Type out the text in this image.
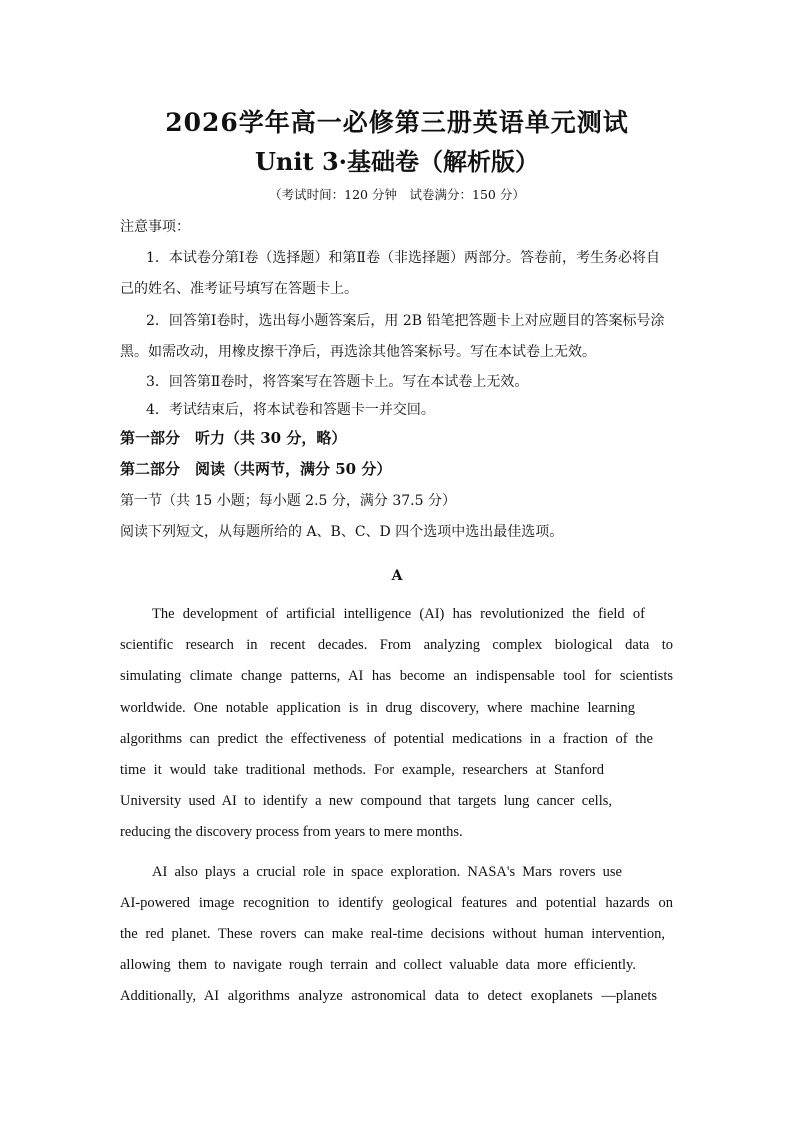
2026学年高一必修第三册英语单元测试
Unit 3·基础卷（解析版）
（考试时间：120 分钟　试卷满分：150 分）
注意事项：
1．本试卷分第Ⅰ卷（选择题）和第Ⅱ卷（非选择题）两部分。答卷前，考生务必将自
己的姓名、准考证号填写在答题卡上。
2．回答第Ⅰ卷时，选出每小题答案后，用 2B 铅笔把答题卡上对应题目的答案标号涂
黑。如需改动，用橡皮擦干净后，再选涂其他答案标号。写在本试卷上无效。
3．回答第Ⅱ卷时，将答案写在答题卡上。写在本试卷上无效。
4．考试结束后，将本试卷和答题卡一并交回。
第一部分　听力（共 30 分，略）
第二部分　阅读（共两节，满分 50 分）
第一节（共 15 小题；每小题 2.5 分，满分 37.5 分）
阅读下列短文，从每题所给的 A、B、C、D 四个选项中选出最佳选项。
A
The development of artificial intelligence (AI) has revolutionized the field of
scientific research in recent decades. From analyzing complex biological data to
simulating climate change patterns, AI has become an indispensable tool for scientists
worldwide. One notable application is in drug discovery, where machine learning
algorithms can predict the effectiveness of potential medications in a fraction of the
time it would take traditional methods. For example, researchers at Stanford
University used AI to identify a new compound that targets lung cancer cells,
reducing the discovery process from years to mere months.
AI also plays a crucial role in space exploration. NASA's Mars rovers use
AI-powered image recognition to identify geological features and potential hazards on
the red planet. These rovers can make real-time decisions without human intervention,
allowing them to navigate rough terrain and collect valuable data more efficiently.
Additionally, AI algorithms analyze astronomical data to detect exoplanets —planets
